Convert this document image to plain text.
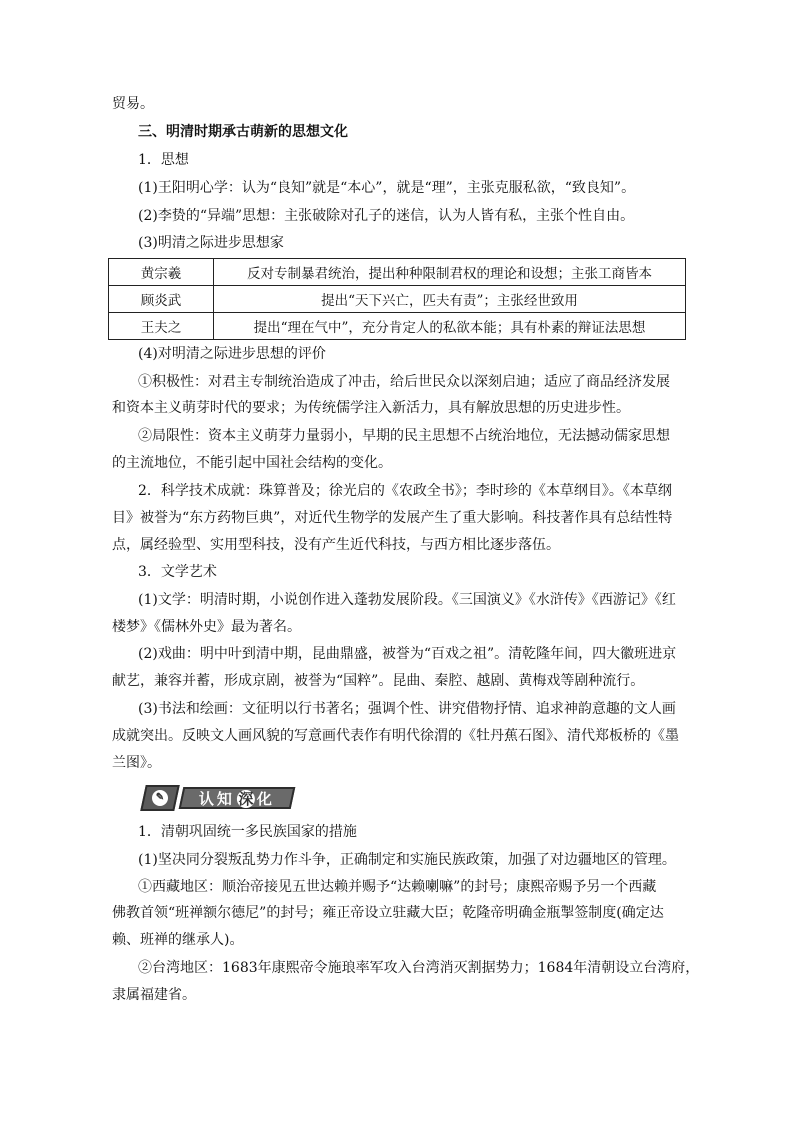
贸易。
三、明清时期承古萌新的思想文化
1．思想
(1)王阳明心学：认为“良知”就是“本心”，就是“理”，主张克服私欲，“致良知”。
(2)李贽的“异端”思想：主张破除对孔子的迷信，认为人皆有私，主张个性自由。
(3)明清之际进步思想家
黄宗羲	反对专制暴君统治，提出种种限制君权的理论和设想；主张工商皆本
顾炎武	提出“天下兴亡，匹夫有责”；主张经世致用
王夫之	提出“理在气中”，充分肯定人的私欲本能；具有朴素的辩证法思想
(4)对明清之际进步思想的评价
①积极性：对君主专制统治造成了冲击，给后世民众以深刻启迪；适应了商品经济发展
和资本主义萌芽时代的要求；为传统儒学注入新活力，具有解放思想的历史进步性。
②局限性：资本主义萌芽力量弱小，早期的民主思想不占统治地位，无法撼动儒家思想
的主流地位，不能引起中国社会结构的变化。
2．科学技术成就：珠算普及；徐光启的《农政全书》；李时珍的《本草纲目》。《本草纲
目》被誉为“东方药物巨典”，对近代生物学的发展产生了重大影响。科技著作具有总结性特
点，属经验型、实用型科技，没有产生近代科技，与西方相比逐步落伍。
3．文学艺术
(1)文学：明清时期，小说创作进入蓬勃发展阶段。《三国演义》《水浒传》《西游记》《红
楼梦》《儒林外史》最为著名。
(2)戏曲：明中叶到清中期，昆曲鼎盛，被誉为“百戏之祖”。清乾隆年间，四大徽班进京
献艺，兼容并蓄，形成京剧，被誉为“国粹”。昆曲、秦腔、越剧、黄梅戏等剧种流行。
(3)书法和绘画：文征明以行书著名；强调个性、讲究借物抒情、追求神韵意趣的文人画
成就突出。反映文人画风貌的写意画代表作有明代徐渭的《牡丹蕉石图》、清代郑板桥的《墨
兰图》。
✎ 认知 深 化
1．清朝巩固统一多民族国家的措施
(1)坚决同分裂叛乱势力作斗争，正确制定和实施民族政策，加强了对边疆地区的管理。
①西藏地区：顺治帝接见五世达赖并赐予“达赖喇嘛”的封号；康熙帝赐予另一个西藏
佛教首领“班禅额尔德尼”的封号；雍正帝设立驻藏大臣；乾隆帝明确金瓶掣签制度(确定达
赖、班禅的继承人)。
②台湾地区：1683年康熙帝令施琅率军攻入台湾消灭割据势力；1684年清朝设立台湾府，
隶属福建省。
